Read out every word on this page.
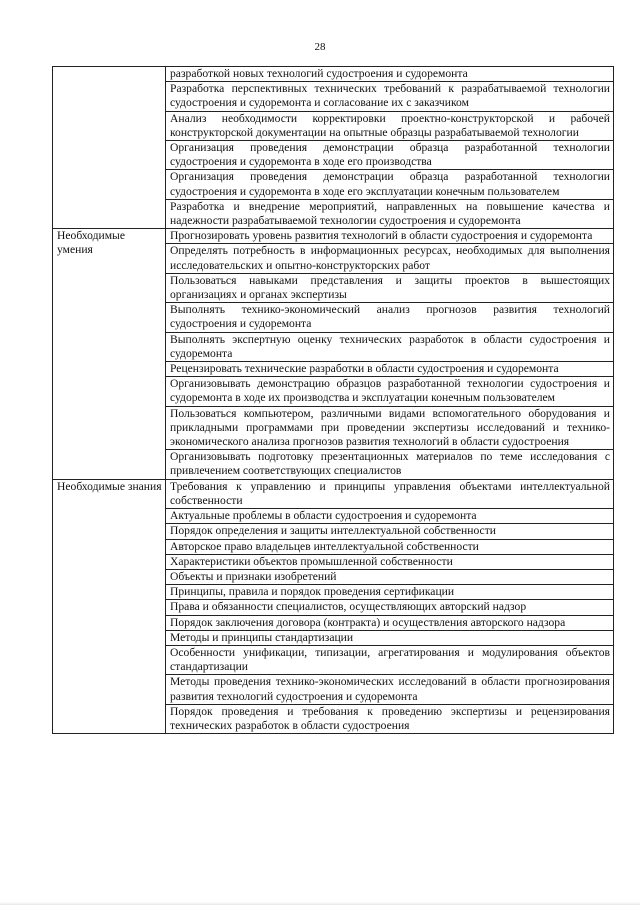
28
	разработкой новых технологий судостроения и судоремонта
	Разработка перспективных технических требований к разрабатываемой технологии судостроения и судоремонта и согласование их с заказчиком
	Анализ необходимости корректировки проектно-конструкторской и рабочей конструкторской документации на опытные образцы разрабатываемой технологии
	Организация проведения демонстрации образца разработанной технологии судостроения и судоремонта в ходе его производства
	Организация проведения демонстрации образца разработанной технологии судостроения и судоремонта в ходе его эксплуатации конечным пользователем
	Разработка и внедрение мероприятий, направленных на повышение качества и надежности разрабатываемой технологии судостроения и судоремонта
Необходимые умения	Прогнозировать уровень развития технологий в области судостроения и судоремонта
	Определять потребность в информационных ресурсах, необходимых для выполнения исследовательских и опытно-конструкторских работ
	Пользоваться навыками представления и защиты проектов в вышестоящих организациях и органах экспертизы
	Выполнять технико-экономический анализ прогнозов развития технологий судостроения и судоремонта
	Выполнять экспертную оценку технических разработок в области судостроения и судоремонта
	Рецензировать технические разработки в области судостроения и судоремонта
	Организовывать демонстрацию образцов разработанной технологии судостроения и судоремонта в ходе их производства и эксплуатации конечным пользователем
	Пользоваться компьютером, различными видами вспомогательного оборудования и прикладными программами при проведении экспертизы исследований и технико-экономического анализа прогнозов развития технологий в области судостроения
	Организовывать подготовку презентационных материалов по теме исследования с привлечением соответствующих специалистов
Необходимые знания	Требования к управлению и принципы управления объектами интеллектуальной собственности
	Актуальные проблемы в области судостроения и судоремонта
	Порядок определения и защиты интеллектуальной собственности
	Авторское право владельцев интеллектуальной собственности
	Характеристики объектов промышленной собственности
	Объекты и признаки изобретений
	Принципы, правила и порядок проведения сертификации
	Права и обязанности специалистов, осуществляющих авторский надзор
	Порядок заключения договора (контракта) и осуществления авторского надзора
	Методы и принципы стандартизации
	Особенности унификации, типизации, агрегатирования и модулирования объектов стандартизации
	Методы проведения технико-экономических исследований в области прогнозирования развития технологий судостроения и судоремонта
	Порядок проведения и требования к проведению экспертизы и рецензирования технических разработок в области судостроения
